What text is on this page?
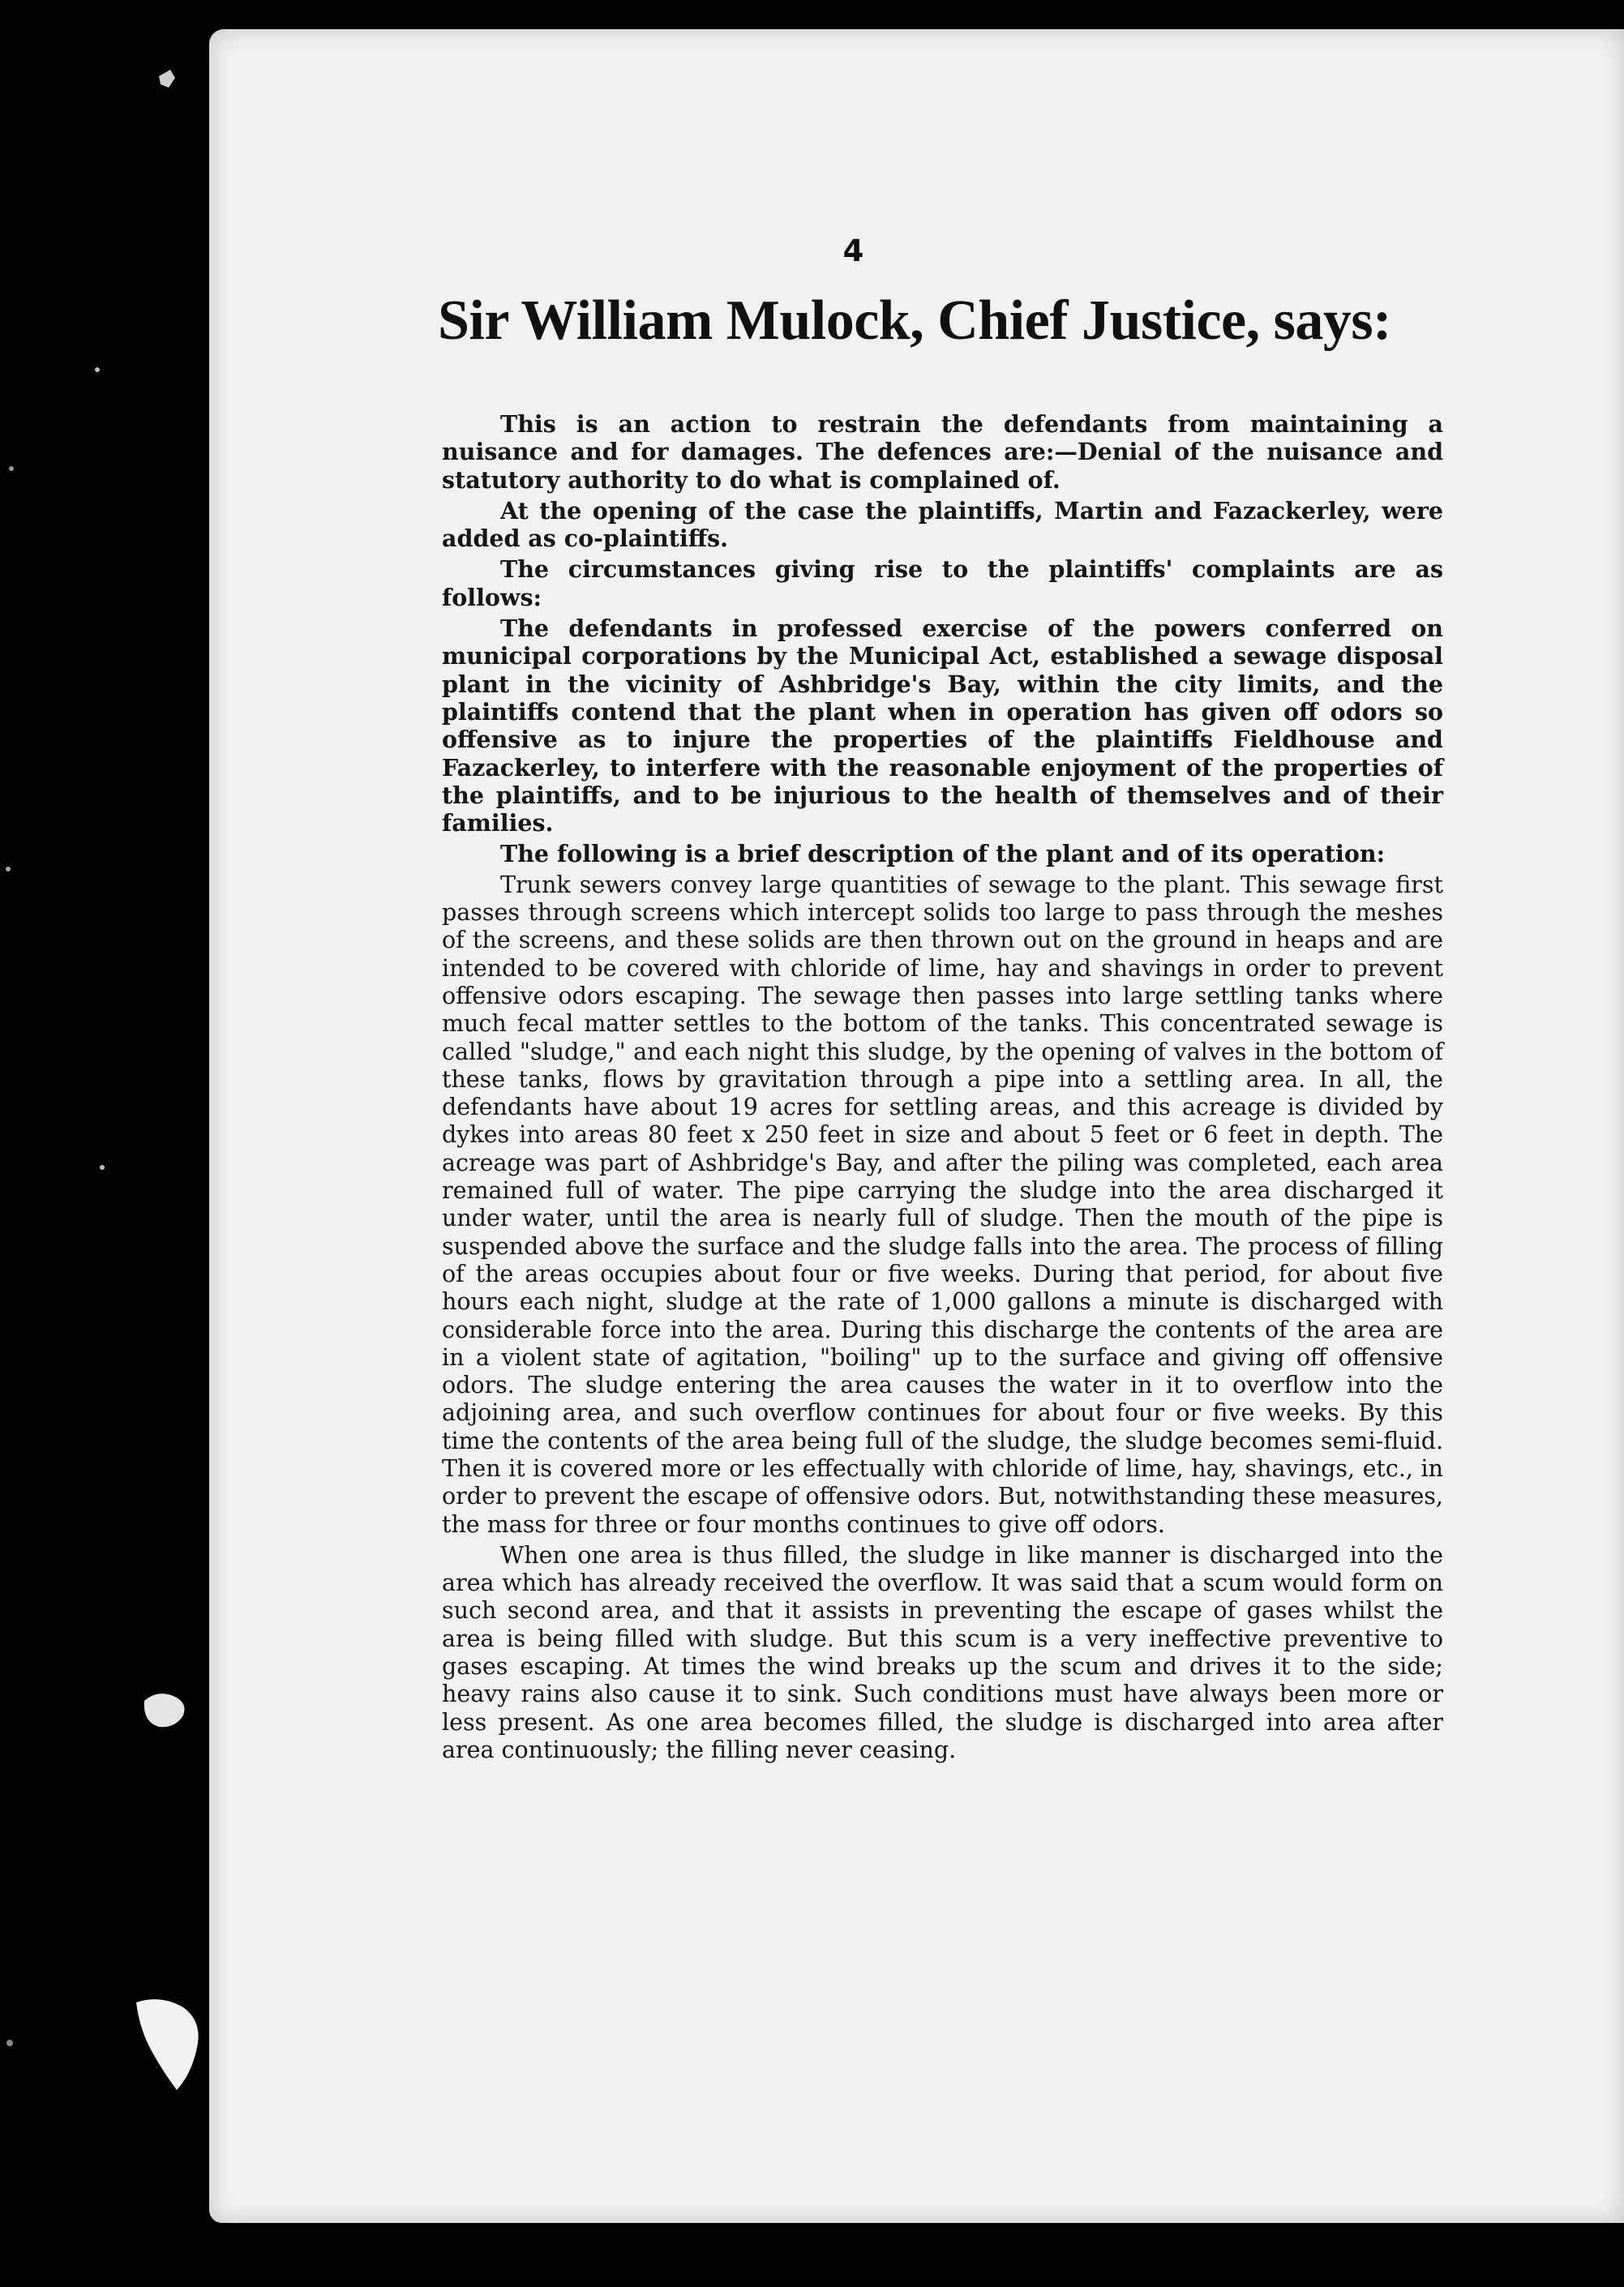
4
Sir William Mulock, Chief Justice, says:

This is an action to restrain the defendants from maintaining a nuisance and for damages. The defences are:—Denial of the nuisance and statutory authority to do what is complained of.

At the opening of the case the plaintiffs, Martin and Fazackerley, were added as co-plaintiffs.

The circumstances giving rise to the plaintiffs' complaints are as follows:

The defendants in professed exercise of the powers conferred on municipal corporations by the Municipal Act, established a sewage disposal plant in the vicinity of Ashbridge's Bay, within the city limits, and the plaintiffs contend that the plant when in operation has given off odors so offensive as to injure the properties of the plaintiffs Fieldhouse and Fazackerley, to interfere with the reasonable enjoyment of the properties of the plaintiffs, and to be injurious to the health of themselves and of their families.

The following is a brief description of the plant and of its operation:

Trunk sewers convey large quantities of sewage to the plant. This sewage first passes through screens which intercept solids too large to pass through the meshes of the screens, and these solids are then thrown out on the ground in heaps and are intended to be covered with chloride of lime, hay and shavings in order to prevent offensive odors escaping. The sewage then passes into large settling tanks where much fecal matter settles to the bottom of the tanks. This concentrated sewage is called "sludge," and each night this sludge, by the opening of valves in the bottom of these tanks, flows by gravitation through a pipe into a settling area. In all, the defendants have about 19 acres for settling areas, and this acreage is divided by dykes into areas 80 feet x 250 feet in size and about 5 feet or 6 feet in depth. The acreage was part of Ashbridge's Bay, and after the piling was completed, each area remained full of water. The pipe carrying the sludge into the area discharged it under water, until the area is nearly full of sludge. Then the mouth of the pipe is suspended above the surface and the sludge falls into the area. The process of filling of the areas occupies about four or five weeks. During that period, for about five hours each night, sludge at the rate of 1,000 gallons a minute is discharged with considerable force into the area. During this discharge the contents of the area are in a violent state of agitation, "boiling" up to the surface and giving off offensive odors. The sludge entering the area causes the water in it to overflow into the adjoining area, and such overflow continues for about four or five weeks. By this time the contents of the area being full of the sludge, the sludge becomes semi-fluid. Then it is covered more or les effectually with chloride of lime, hay, shavings, etc., in order to prevent the escape of offensive odors. But, notwithstanding these measures, the mass for three or four months continues to give off odors.

When one area is thus filled, the sludge in like manner is discharged into the area which has already received the overflow. It was said that a scum would form on such second area, and that it assists in preventing the escape of gases whilst the area is being filled with sludge. But this scum is a very ineffective preventive to gases escaping. At times the wind breaks up the scum and drives it to the side; heavy rains also cause it to sink. Such conditions must have always been more or less present. As one area becomes filled, the sludge is discharged into area after area continuously; the filling never ceasing.
